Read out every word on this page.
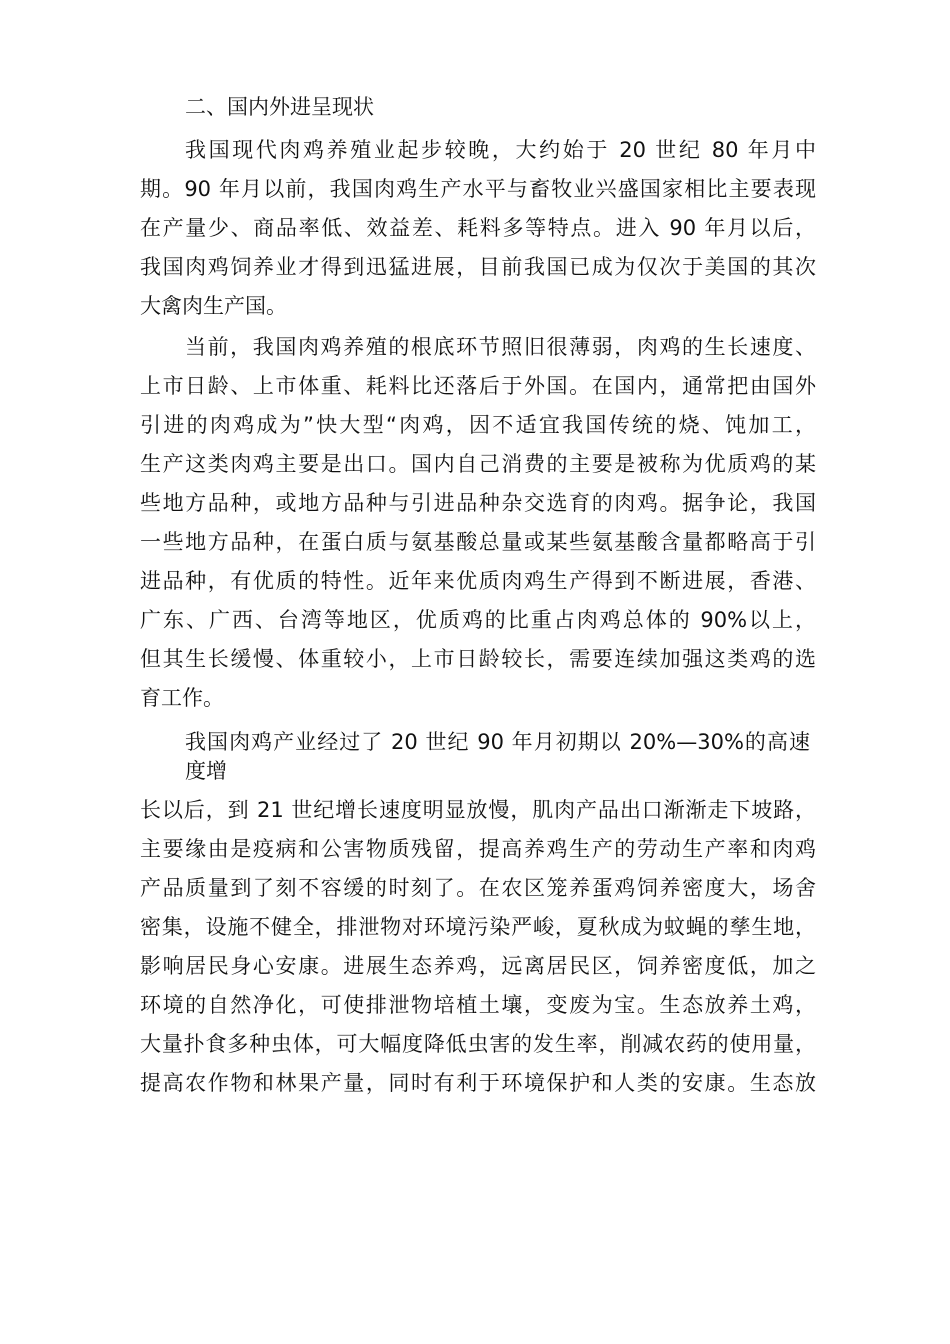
二、国内外进呈现状
我国现代肉鸡养殖业起步较晚，大约始于 20 世纪 80 年月中
期。90 年月以前，我国肉鸡生产水平与畜牧业兴盛国家相比主要表现
在产量少、商品率低、效益差、耗料多等特点。进入 90 年月以后，
我国肉鸡饲养业才得到迅猛进展，目前我国已成为仅次于美国的其次
大禽肉生产国。
当前，我国肉鸡养殖的根底环节照旧很薄弱，肉鸡的生长速度、
上市日龄、上市体重、耗料比还落后于外国。在国内，通常把由国外
引进的肉鸡成为”快大型“肉鸡，因不适宜我国传统的烧、饨加工，
生产这类肉鸡主要是出口。国内自己消费的主要是被称为优质鸡的某
些地方品种，或地方品种与引进品种杂交选育的肉鸡。据争论，我国
一些地方品种，在蛋白质与氨基酸总量或某些氨基酸含量都略高于引
进品种，有优质的特性。近年来优质肉鸡生产得到不断进展，香港、
广东、广西、台湾等地区，优质鸡的比重占肉鸡总体的 90%以上，
但其生长缓慢、体重较小，上市日龄较长，需要连续加强这类鸡的选
育工作。
我国肉鸡产业经过了 20 世纪 90 年月初期以 20%—30%的高速
度增
长以后，到 21 世纪增长速度明显放慢，肌肉产品出口渐渐走下坡路，
主要缘由是疫病和公害物质残留，提高养鸡生产的劳动生产率和肉鸡
产品质量到了刻不容缓的时刻了。在农区笼养蛋鸡饲养密度大，场舍
密集，设施不健全，排泄物对环境污染严峻，夏秋成为蚊蝇的孳生地，
影响居民身心安康。进展生态养鸡，远离居民区，饲养密度低，加之
环境的自然净化，可使排泄物培植土壤，变废为宝。生态放养土鸡，
大量扑食多种虫体，可大幅度降低虫害的发生率，削减农药的使用量，
提高农作物和林果产量，同时有利于环境保护和人类的安康。生态放
